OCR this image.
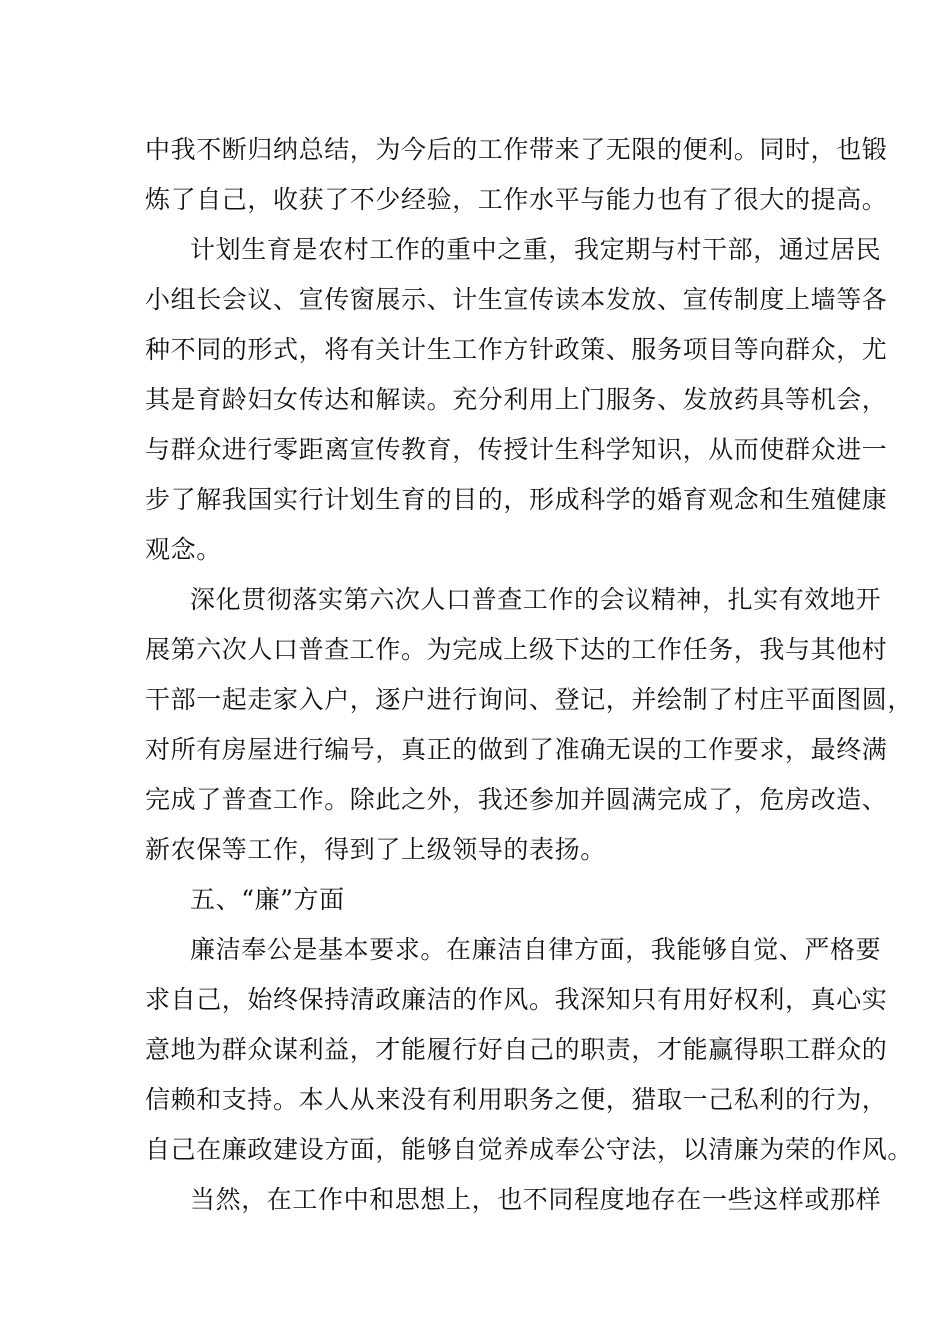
中我不断归纳总结，为今后的工作带来了无限的便利。同时，也锻
炼了自己，收获了不少经验，工作水平与能力也有了很大的提高。
计划生育是农村工作的重中之重，我定期与村干部，通过居民
小组长会议、宣传窗展示、计生宣传读本发放、宣传制度上墙等各
种不同的形式，将有关计生工作方针政策、服务项目等向群众，尤
其是育龄妇女传达和解读。充分利用上门服务、发放药具等机会，
与群众进行零距离宣传教育，传授计生科学知识，从而使群众进一
步了解我国实行计划生育的目的，形成科学的婚育观念和生殖健康
观念。
深化贯彻落实第六次人口普查工作的会议精神，扎实有效地开
展第六次人口普查工作。为完成上级下达的工作任务，我与其他村
干部一起走家入户，逐户进行询问、登记，并绘制了村庄平面图圆，
对所有房屋进行编号，真正的做到了准确无误的工作要求，最终满
完成了普查工作。除此之外，我还参加并圆满完成了，危房改造、
新农保等工作，得到了上级领导的表扬。
五、“廉”方面
廉洁奉公是基本要求。在廉洁自律方面，我能够自觉、严格要
求自己，始终保持清政廉洁的作风。我深知只有用好权利，真心实
意地为群众谋利益，才能履行好自己的职责，才能赢得职工群众的
信赖和支持。本人从来没有利用职务之便，猎取一己私利的行为，
自己在廉政建设方面，能够自觉养成奉公守法，以清廉为荣的作风。
当然，在工作中和思想上，也不同程度地存在一些这样或那样
